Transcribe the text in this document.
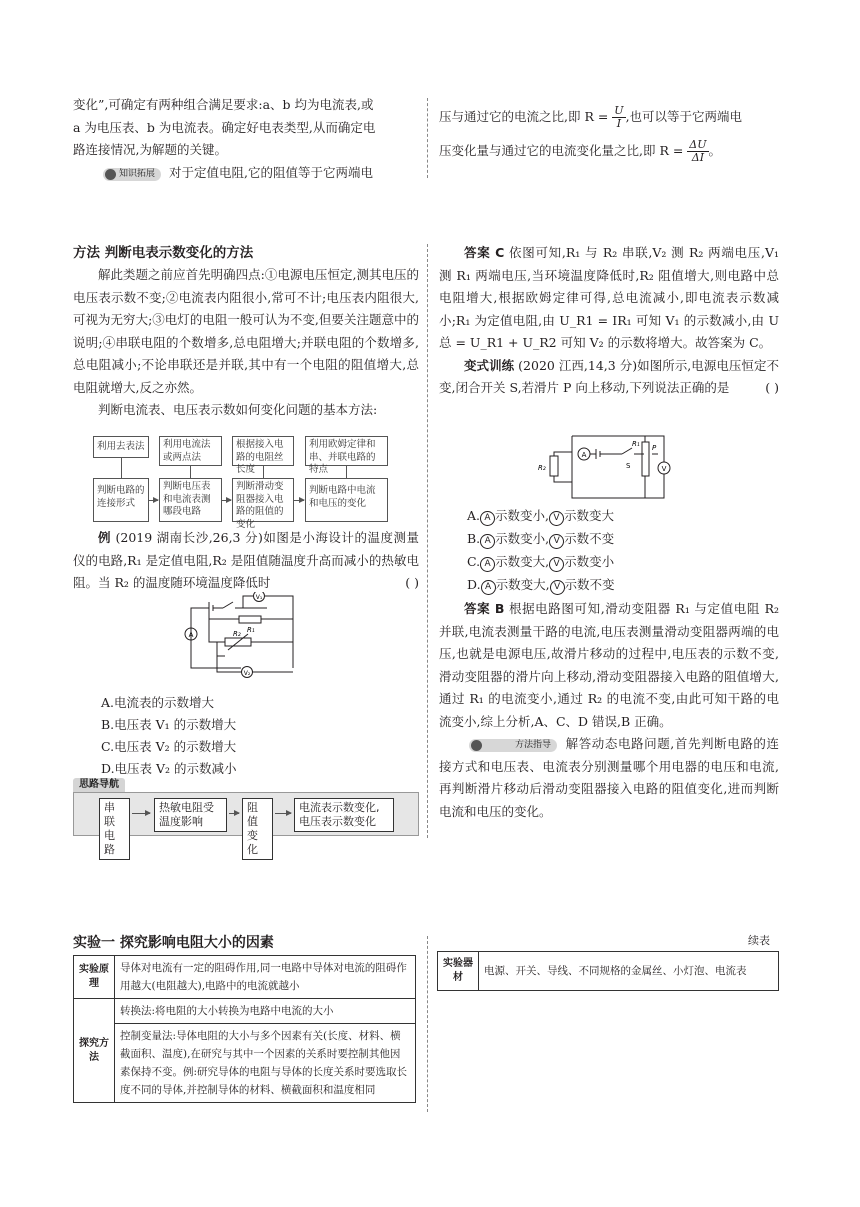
变化”,可确定有两种组合满足要求:a、b 均为电流表,或

a 为电压表、b 为电流表。确定好电表类型,从而确定电

路连接情况,为解题的关键。

知识拓展 对于定值电阻,它的阻值等于它两端电

压与通过它的电流之比,即 $R = \frac{U}{I}$ ,也可以等于它两端电

压变化量与通过它的电流变化量之比,即 $R = \frac{\Delta U}{\Delta I}$ 。

方法 判断电表示数变化的方法

解此类题之前应首先明确四点:①电源电压恒定,测其电压的电压表示数不变;②电流表内阻很小,常可不计;电压表内阻很大,可视为无穷大;③电灯的电阻一般可认为不变,但要关注题意中的说明;④串联电阻的个数增多,总电阻增大;并联电阻的个数增多,总电阻减小;不论串联还是并联,其中有一个电阻的阻值增大,总电阻就增大,反之亦然。

判断电流表、电压表示数如何变化问题的基本方法:

利用去表法	利用电流法或两点法
根据接入电路的电阻丝长度
利用欧姆定律和串、并联电路的特点
判断电路的连接形式
判断电压表和电流表测哪段电路
判断滑动变阻器接入电路的阻值的变化
判断电路中电流和电压的变化

例 (2019 湖南长沙,26,3 分)如图是小海设计的温度测量仪的电路,R₁ 是定值电阻,R₂ 是阻值随温度升高而减小的热敏电阻。当 R₂ 的温度随环境温度降低时	( )

A
V₁
V₂
R₁
R₂
A.电流表的示数增大
B.电压表 V₁ 的示数增大
C.电压表 V₂ 的示数增大
D.电压表 V₂ 的示数减小
思路导航
串联电路
热敏电阻受温度影响
阻值变化
电流表示数变化,电压表示数变化

答案 C 依图可知,R₁ 与 R₂ 串联,V₂ 测 R₂ 两端电压,V₁ 测 R₁ 两端电压,当环境温度降低时,R₂ 阻值增大,则电路中总电阻增大,根据欧姆定律可得,总电流减小,即电流表示数减小;R₁ 为定值电阻,由 U_R1 = IR₁ 可知 V₁ 的示数减小,由 U总 = U_R1 + U_R2 可知 V₂ 的示数将增大。故答案为 C。

变式训练 (2020 江西,14,3 分)如图所示,电源电压恒定不变,闭合开关 S,若滑片 P 向上移动,下列说法正确的是	( )

A
V
R₂
R₁ P
S
A. A 示数变小, V 示数变大
B. A 示数变小, V 示数不变
C. A 示数变大, V 示数变小
D. A 示数变大, V 示数不变

答案 B 根据电路图可知,滑动变阻器 R₁ 与定值电阻 R₂ 并联,电流表测量干路的电流,电压表测量滑动变阻器两端的电压,也就是电源电压,故滑片移动的过程中,电压表的示数不变,滑动变阻器的滑片向上移动,滑动变阻器接入电路的阻值增大,通过 R₁ 的电流变小,通过 R₂ 的电流不变,由此可知干路的电流变小,综上分析,A、C、D 错误,B 正确。

方法指导 解答动态电路问题,首先判断电路的连接方式和电压表、电流表分别测量哪个用电器的电压和电流,再判断滑片移动后滑动变阻器接入电路的阻值变化,进而判断电流和电压的变化。

实验一 探究影响电阻大小的因素
实验原理	导体对电流有一定的阻碍作用,同一电路中导体对电流的阻碍作用越大(电阻越大),电路中的电流就越小
探究方法	转换法:将电阻的大小转换为电路中电流的大小
	控制变量法:导体电阻的大小与多个因素有关(长度、材料、横截面积、温度),在研究与其中一个因素的关系时要控制其他因素保持不变。例:研究导体的电阻与导体的长度关系时要选取长度不同的导体,并控制导体的材料、横截面积和温度相同
续表
实验器材	电源、开关、导线、不同规格的金属丝、小灯泡、电流表
